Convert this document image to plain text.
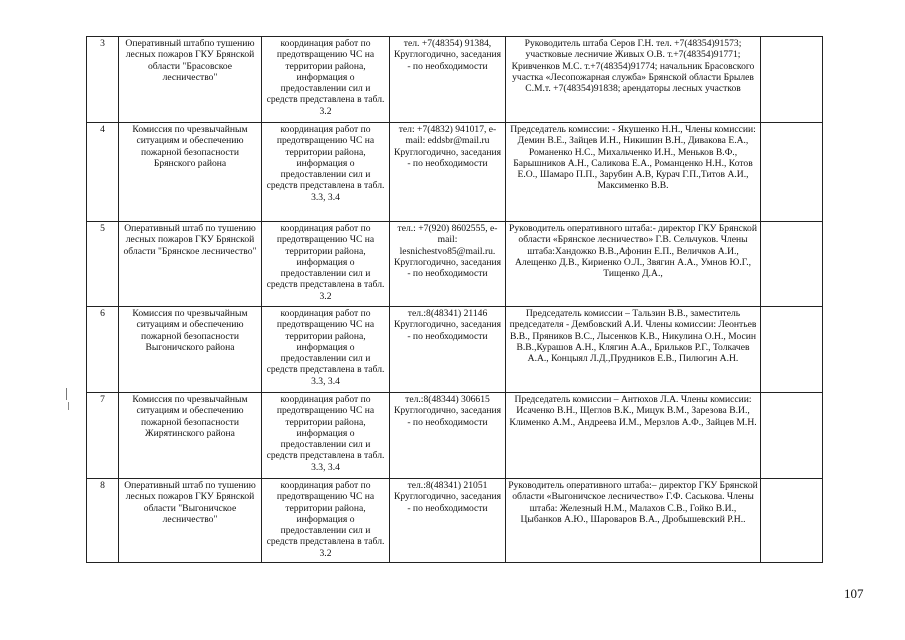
3	Оперативный штабпо тушению лесных пожаров ГКУ Брянской области "Брасовское лесничество"	координация работ по предотвращению ЧС на территории района, информация о предоставлении сил и средств представлена в табл. 3.2	тел. +7(48354) 91384, Круглогодично, заседания - по необходимости	Руководитель штаба Серов Г.Н. тел. +7(48354)91573; участковые лесничие Живых О.В. т.+7(48354)91771; Кривченков М.С. т.+7(48354)91774; начальник Брасовского участка «Лесопожарная служба» Брянской области Брылев С.М.т. +7(48354)91838; арендаторы лесных участков	
4	Комиссия по чрезвычайным ситуациям и обеспечению пожарной безопасности Брянского района	координация работ по предотвращению ЧС на территории района, информация о предоставлении сил и средств представлена в табл. 3.3, 3.4	тел: +7(4832) 941017, e-mail: eddsbr@mail.ru Круглогодично, заседания - по необходимости	Председатель комиссии: - Якушенко Н.Н., Члены комиссии: Демин В.Е., Зайцев И.Н., Никишин В.Н., Дивакова Е.А., Романенко Н.С., Михальченко И.Н., Меньков В.Ф., Барышников А.Н., Саликова Е.А., Романценко Н.Н., Котов Е.О., Шамаро П.П., Зарубин А.В, Курач Г.П.,Титов А.И., Максименко В.В.	
5	Оперативный штаб по тушению лесных пожаров ГКУ Брянской области "Брянское лесничество"	координация работ по предотвращению ЧС на территории района, информация о предоставлении сил и средств представлена в табл. 3.2	тел.: +7(920) 8602555, e-mail: lesnichestvo85@mail.ru. Круглогодично, заседания - по необходимости	Руководитель оперативного штаба:- директор ГКУ Брянской области «Брянское лесничество» Г.В. Сельчуков. Члены штаба:Хандожко В.В.,Афонин Е.П., Величков А.И., Алещенко Д.В., Кириенко О.Л., Звягин А.А., Умнов Ю.Г., Тищенко Д.А.,	
6	Комиссия по чрезвычайным ситуациям и обеспечению пожарной безопасности Выгоничского района	координация работ по предотвращению ЧС на территории района, информация о предоставлении сил и средств представлена в табл. 3.3, 3.4	тел.:8(48341) 21146 Круглогодично, заседания - по необходимости	Председатель комиссии – Тальзин В.В., заместитель председателя - Дембовский А.И. Члены комиссии: Леонтьев В.В., Пряников В.С., Лысенков К.В., Никулина О.Н., Мосин В.В.,Курашов А.Н., Клягин А.А., Брильков Р.Г., Толкачев А.А., Концыял Л.Д.,Прудников Е.В., Пилюгин А.Н.	
7	Комиссия по чрезвычайным ситуациям и обеспечению пожарной безопасности Жирятинского района	координация работ по предотвращению ЧС на территории района, информация о предоставлении сил и средств представлена в табл. 3.3, 3.4	тел.:8(48344) 306615 Круглогодично, заседания - по необходимости	Председатель комиссии – Антюхов Л.А. Члены комиссии: Исаченко В.Н., Щеглов В.К., Мицук В.М., Зарезова В.И., Клименко А.М., Андреева И.М., Мерзлов А.Ф., Зайцев М.Н.	
8	Оперативный штаб по тушению лесных пожаров ГКУ Брянской области "Выгоничское лесничество"	координация работ по предотвращению ЧС на территории района, информация о предоставлении сил и средств представлена в табл. 3.2	тел.:8(48341) 21051 Круглогодично, заседания - по необходимости	Руководитель оперативного штаба:– директор ГКУ Брянской области «Выгоничское лесничество» Г.Ф. Саськова. Члены штаба: Железный Н.М., Малахов С.В., Гойко В.И., Цыбанков А.Ю., Шароваров В.А., Дробышевский Р.Н..	
107
